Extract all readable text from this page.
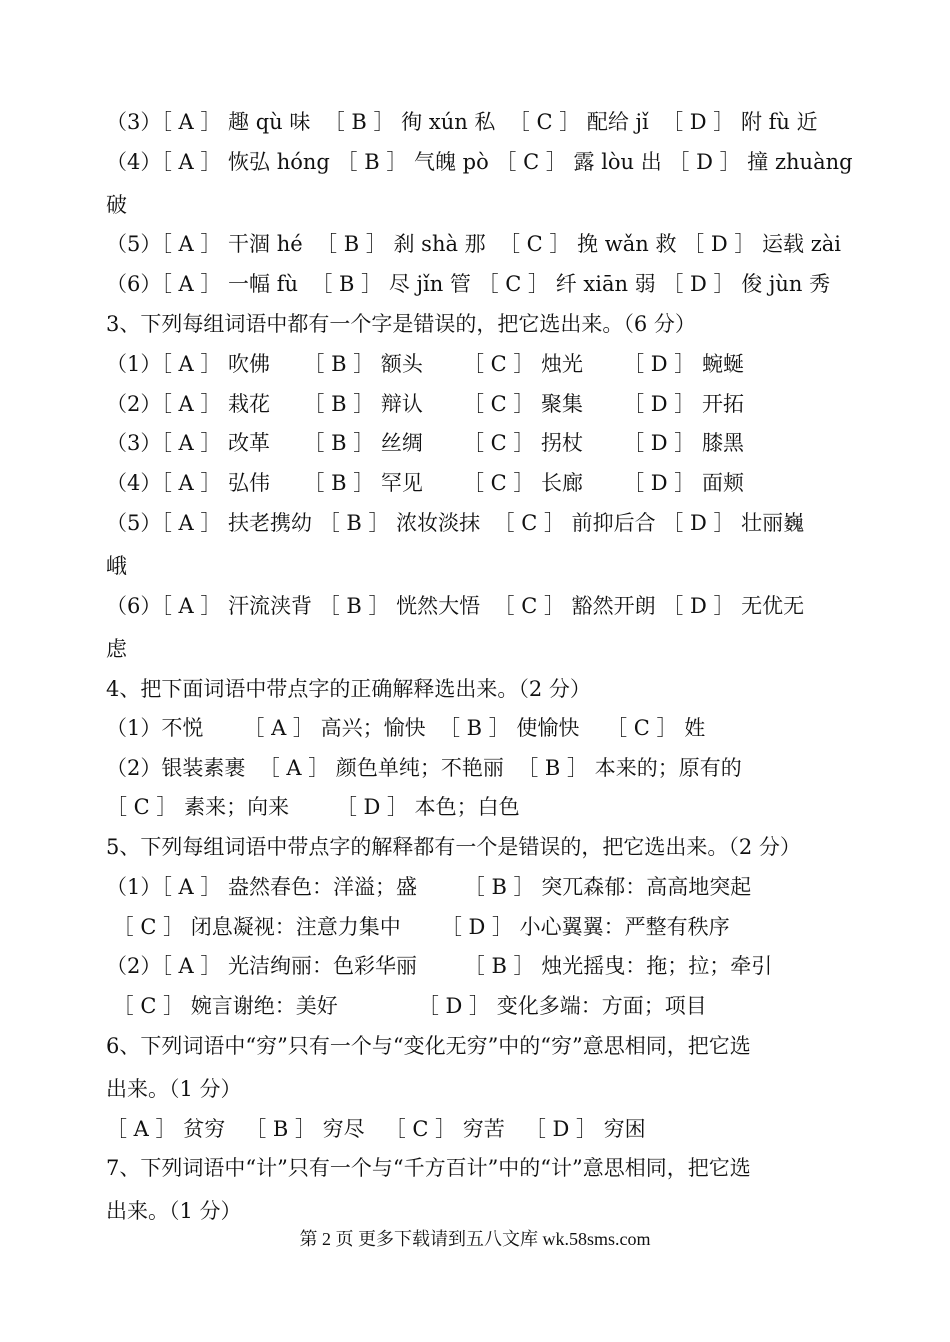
（3）［ A ］ 趣 qù 味  ［ B ］ 徇 xún 私  ［ C ］ 配给 jǐ  ［ D ］ 附 fù 近
（4）［ A ］ 恢弘 hóng ［ B ］ 气魄 pò ［ C ］ 露 lòu 出 ［ D ］ 撞 zhuàng
破
（5）［ A ］ 干涸 hé  ［ B ］ 刹 shà 那  ［ C ］ 挽 wǎn 救 ［ D ］ 运载 zài
（6）［ A ］ 一幅 fù  ［ B ］ 尽 jǐn 管 ［ C ］ 纤 xiān 弱 ［ D ］ 俊 jùn 秀
3、下列每组词语中都有一个字是错误的，把它选出来。（6 分）
（1）［ A ］ 吹佛     ［ B ］ 额头      ［ C ］ 烛光      ［ D ］ 蜿蜒
（2）［ A ］ 栽花     ［ B ］ 辩认      ［ C ］ 聚集      ［ D ］ 开拓
（3）［ A ］ 改革     ［ B ］ 丝绸      ［ C ］ 拐杖      ［ D ］ 膝黑
（4）［ A ］ 弘伟     ［ B ］ 罕见      ［ C ］ 长廊      ［ D ］ 面颊
（5）［ A ］ 扶老携幼 ［ B ］ 浓妆淡抹  ［ C ］ 前抑后合 ［ D ］ 壮丽巍
峨
（6）［ A ］ 汗流浃背 ［ B ］ 恍然大悟  ［ C ］ 豁然开朗 ［ D ］ 无优无
虑
4、把下面词语中带点字的正确解释选出来。（2 分）
（1）不悦      ［ A ］ 高兴；愉快  ［ B ］ 使愉快    ［ C ］ 姓
（2）银装素裹  ［ A ］ 颜色单纯；不艳丽  ［ B ］ 本来的；原有的
［ C ］ 素来；向来       ［ D ］ 本色；白色
5、下列每组词语中带点字的解释都有一个是错误的，把它选出来。（2 分）
（1）［ A ］ 盎然春色：洋溢；盛       ［ B ］ 突兀森郁：高高地突起
［ C ］ 闭息凝视：注意力集中      ［ D ］ 小心翼翼：严整有秩序
（2）［ A ］ 光洁绚丽：色彩华丽       ［ B ］ 烛光摇曳：拖；拉；牵引
［ C ］ 婉言谢绝：美好            ［ D ］ 变化多端：方面；项目
6、下列词语中“穷”只有一个与“变化无穷”中的“穷”意思相同，把它选
出来。（1 分）
［ A ］ 贫穷   ［ B ］ 穷尽   ［ C ］ 穷苦   ［ D ］ 穷困
7、下列词语中“计”只有一个与“千方百计”中的“计”意思相同，把它选
出来。（1 分）
第 2 页 更多下载请到五八文库 wk.58sms.com
